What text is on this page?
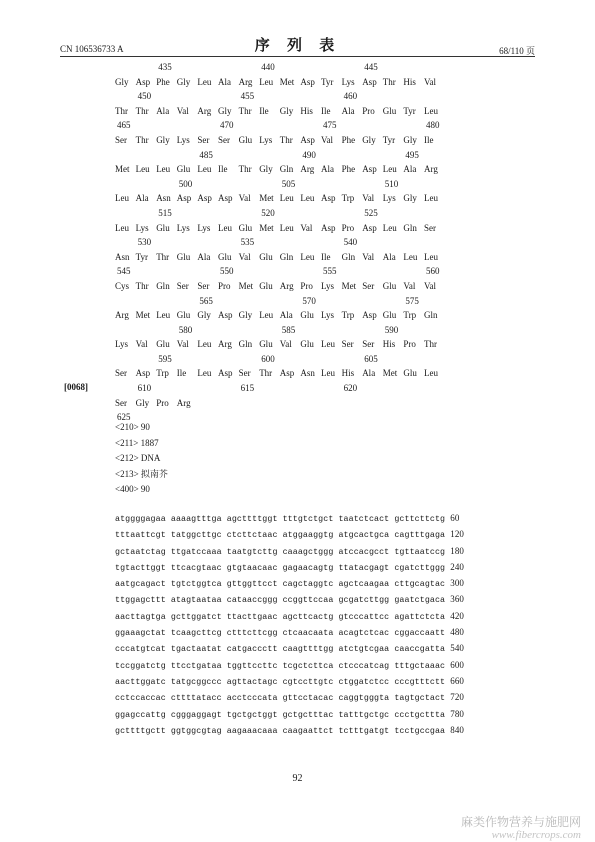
CN 106536733 A	序 列 表	68/110 页
435	440	445
Gly Asp Phe Gly Leu Ala Arg Leu Met Asp Tyr Lys Asp Thr His Val
450	455	460
Thr Thr Ala Val Arg Gly Thr Ile Gly His Ile Ala Pro Glu Tyr Leu
465	470	475	480
Ser Thr Gly Lys Ser Ser Glu Lys Thr Asp Val Phe Gly Tyr Gly Ile
485	490	495
Met Leu Leu Glu Leu Ile Thr Gly Gln Arg Ala Phe Asp Leu Ala Arg
500	505	510
Leu Ala Asn Asp Asp Asp Val Met Leu Leu Asp Trp Val Lys Gly Leu
515	520	525
Leu Lys Glu Lys Lys Leu Glu Met Leu Val Asp Pro Asp Leu Gln Ser
530	535	540
Asn Tyr Thr Glu Ala Glu Val Glu Gln Leu Ile Gln Val Ala Leu Leu
545	550	555	560
Cys Thr Gln Ser Ser Pro Met Glu Arg Pro Lys Met Ser Glu Val Val
565	570	575
Arg Met Leu Glu Gly Asp Gly Leu Ala Glu Lys Trp Asp Glu Trp Gln
580	585	590
Lys Val Glu Val Leu Arg Gln Glu Val Glu Leu Ser Ser His Pro Thr
595	600	605
Ser Asp Trp Ile Leu Asp Ser Thr Asp Asn Leu His Ala Met Glu Leu
610	615	620
Ser Gly Pro Arg
625
[0068]
<210> 90
<211> 1887
<212> DNA
<213> 拟南芥
<400> 90
atggggagaa aaaagtttga agcttttggt tttgtctgct taatctcact gcttcttctg 60
tttaattcgt tatggcttgc ctcttctaac atggaaggtg atgcactgca cagtttgaga 120
gctaatctag ttgatccaaa taatgtcttg caaagctggg atccacgcct tgttaatccg 180
tgtacttggt ttcacgtaac gtgtaacaac gagaacagtg ttatacgagt cgatcttggg 240
aatgcagact tgtctggtca gttggttcct cagctaggtc agctcaagaa cttgcagtac 300
ttggagcttt atagtaataa cataaccggg ccggttccaa gcgatcttgg gaatctgaca 360
aacttagtga gcttggatct ttacttgaac agcttcactg gtcccattcc agattctctа 420
ggaaagctat tcaagcttcg ctttcttcgg ctcaacaata acagtctcac cggaccaatt 480
cccatgtcat tgactaatat catgaccctt caagttttgg atctgtcgaa caaccgatta 540
tccggatctg ttcctgataa tggttccttc tcgctcttca ctcccatcag tttgctaaac 600
aacttggatc tatgcggccc agttactagc cgtccttgtc ctggatctcc cccgtttctt 660
cctccaccac cttttatacc acctcccata gttcctacac caggtgggta tagtgctact 720
ggagccattg cgggaggagt tgctgctggt gctgctttac tatttgctgc ccctgcttta 780
gcttttgctt ggtggcgtag aagaaacaaa caagaattct tctttgatgt tcctgccgaa 840
92
麻类作物营养与施肥网
www.fibercrops.com
